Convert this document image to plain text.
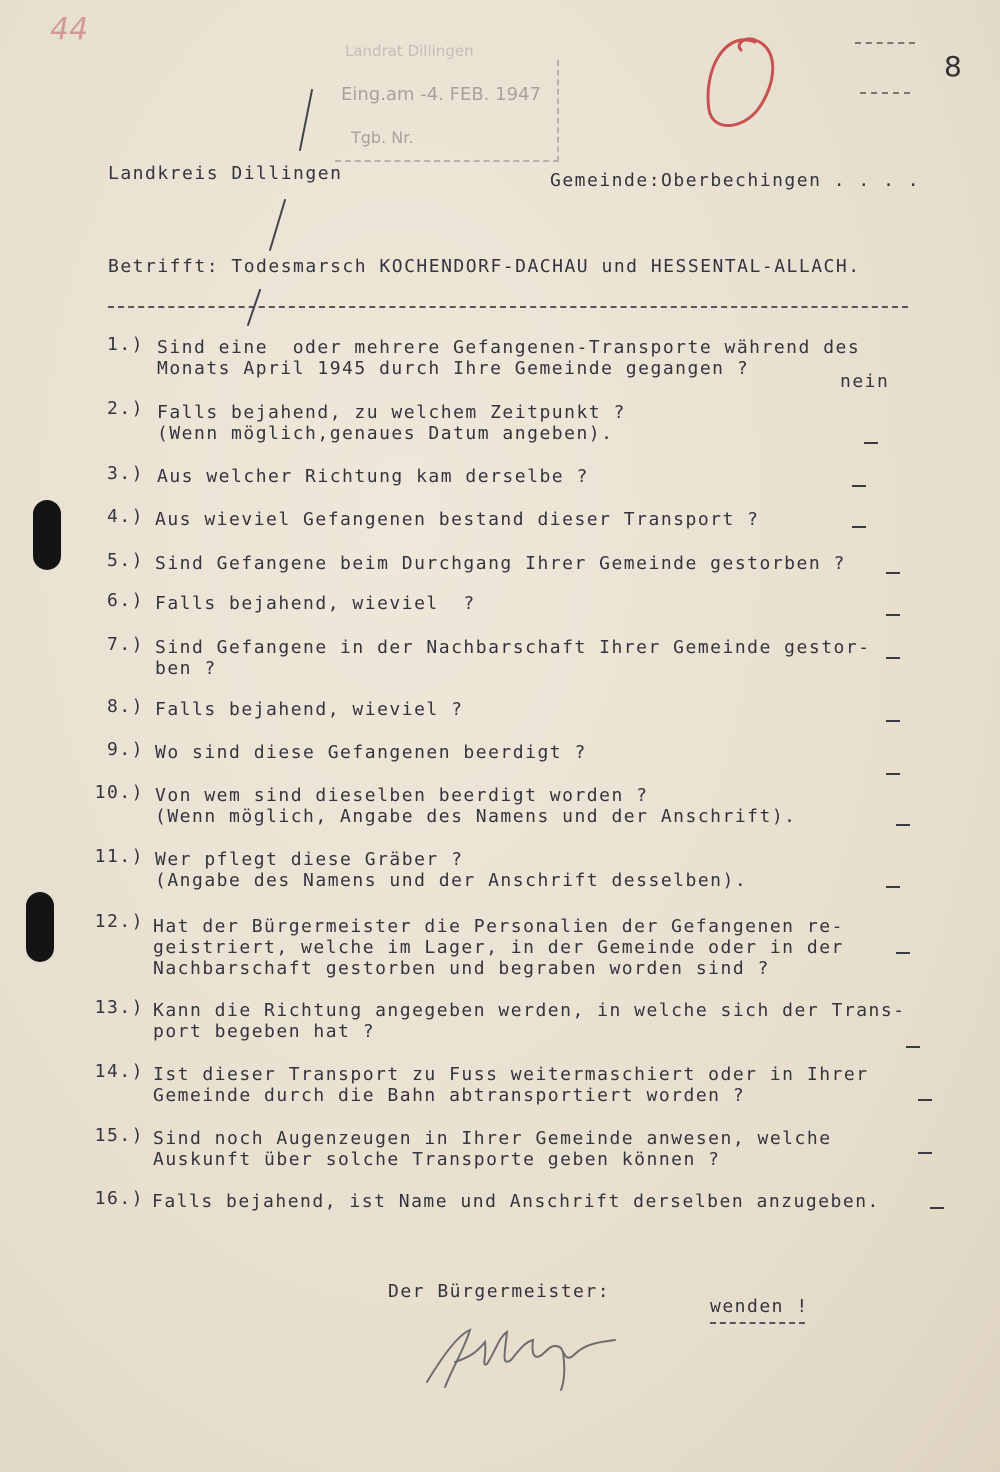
44
8
Landrat Dillingen
Eing.am -4. FEB. 1947
Tgb. Nr.
Landkreis Dillingen	Gemeinde:Oberbechingen . . . .
Betrifft: Todesmarsch KOCHENDORF-DACHAU und HESSENTAL-ALLACH.
1.) Sind eine  oder mehrere Gefangenen-Transporte während des
Monats April 1945 durch Ihre Gemeinde gegangen ?
nein
2.) Falls bejahend, zu welchem Zeitpunkt ?
(Wenn möglich,genaues Datum angeben).
3.) Aus welcher Richtung kam derselbe ?
4.) Aus wieviel Gefangenen bestand dieser Transport ?
5.) Sind Gefangene beim Durchgang Ihrer Gemeinde gestorben ?
6.) Falls bejahend, wieviel  ?
7.) Sind Gefangene in der Nachbarschaft Ihrer Gemeinde gestor-
ben ?
8.) Falls bejahend, wieviel ?
9.) Wo sind diese Gefangenen beerdigt ?
10.) Von wem sind dieselben beerdigt worden ?
(Wenn möglich, Angabe des Namens und der Anschrift).
11.) Wer pflegt diese Gräber ?
(Angabe des Namens und der Anschrift desselben).
12.) Hat der Bürgermeister die Personalien der Gefangenen re-
geistriert, welche im Lager, in der Gemeinde oder in der
Nachbarschaft gestorben und begraben worden sind ?
13.) Kann die Richtung angegeben werden, in welche sich der Trans-
port begeben hat ?
14.) Ist dieser Transport zu Fuss weitermaschiert oder in Ihrer
Gemeinde durch die Bahn abtransportiert worden ?
15.) Sind noch Augenzeugen in Ihrer Gemeinde anwesen, welche
Auskunft über solche Transporte geben können ?
16.) Falls bejahend, ist Name und Anschrift derselben anzugeben.
Der Bürgermeister:
wenden !
